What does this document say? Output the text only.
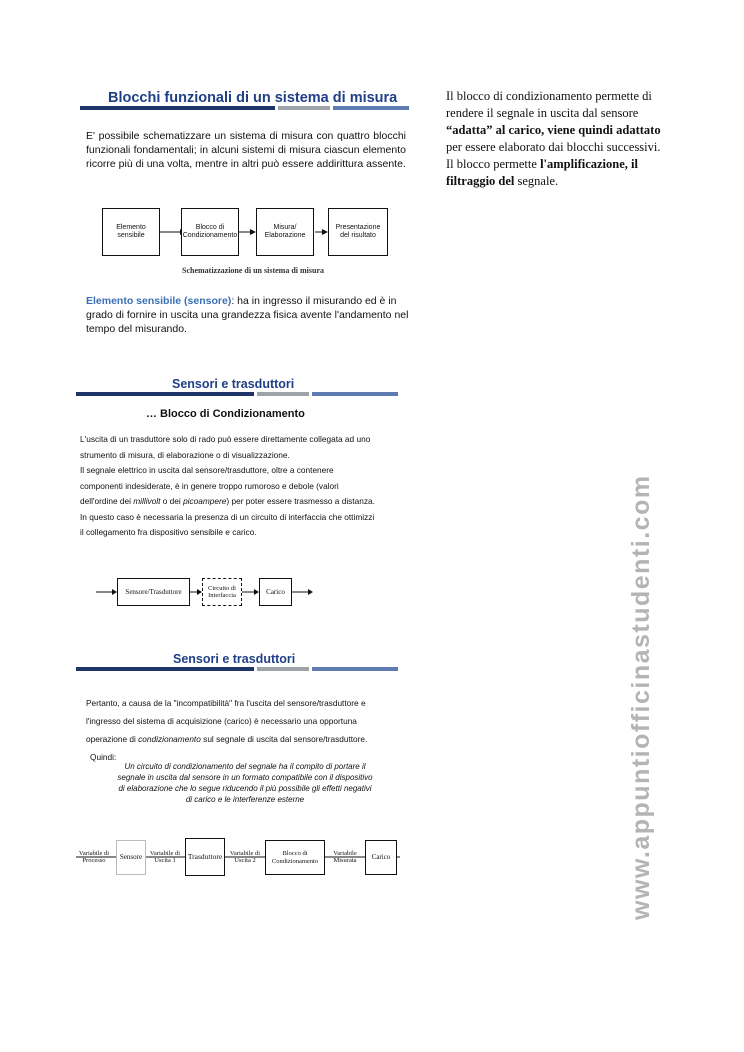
Blocchi funzionali di un sistema di misura
E' possibile schematizzare un sistema di misura con quattro blocchi funzionali fondamentali; in alcuni sistemi di misura ciascun elemento ricorre più di una volta, mentre in altri può essere addirittura assente.
Elemento sensibile
Blocco di Condizionamento
Misura/ Elaborazione
Presentazione del risultato
Schematizzazione di un sistema di misura
Elemento sensibile (sensore): ha in ingresso il misurando ed è in grado di fornire in uscita una grandezza fisica avente l'andamento nel tempo del misurando.
Il blocco di condizionamento permette di rendere il segnale in uscita dal sensore “adatta” al carico, viene quindi adattato per essere elaborato dai blocchi successivi. Il blocco permette l'amplificazione, il filtraggio del segnale.
Sensori e trasduttori
… Blocco di Condizionamento
L'uscita di un trasduttore solo di rado può essere direttamente collegata ad uno
strumento di misura, di elaborazione o di visualizzazione.
Il segnale elettrico in uscita dal sensore/trasduttore, oltre a contenere
componenti indesiderate, è in genere troppo rumoroso e debole (valori
dell'ordine dei millivolt o dei picoampere) per poter essere trasmesso a distanza.
In questo caso è necessaria la presenza di un circuito di interfaccia che ottimizzi
il collegamento fra dispositivo sensibile e carico.
Sensore/Trasduttore	Circuito di Interfaccia	Carico
Sensori e trasduttori
Pertanto, a causa de la "incompatibilità" fra l'uscita del sensore/trasduttore e
l'ingresso del sistema di acquisizione (carico) è necessario una opportuna
operazione di condizionamento sul segnale di uscita dal sensore/trasduttore.
Quindi:
Un circuito di condizionamento del segnale ha il compito di portare il
segnale in uscita dal sensore in un formato compatibile con il dispositivo
di elaborazione che lo segue riducendo il più possibile gli effetti negativi
di carico e le interferenze esterne
Variabile di Processo	Sensore
Variabile di Uscita 1	Trasduttore	Variabile di Uscita 2
Blocco di Condizionamento
Variabile Misurata	Carico	www.appuntiofficinastudenti.com
